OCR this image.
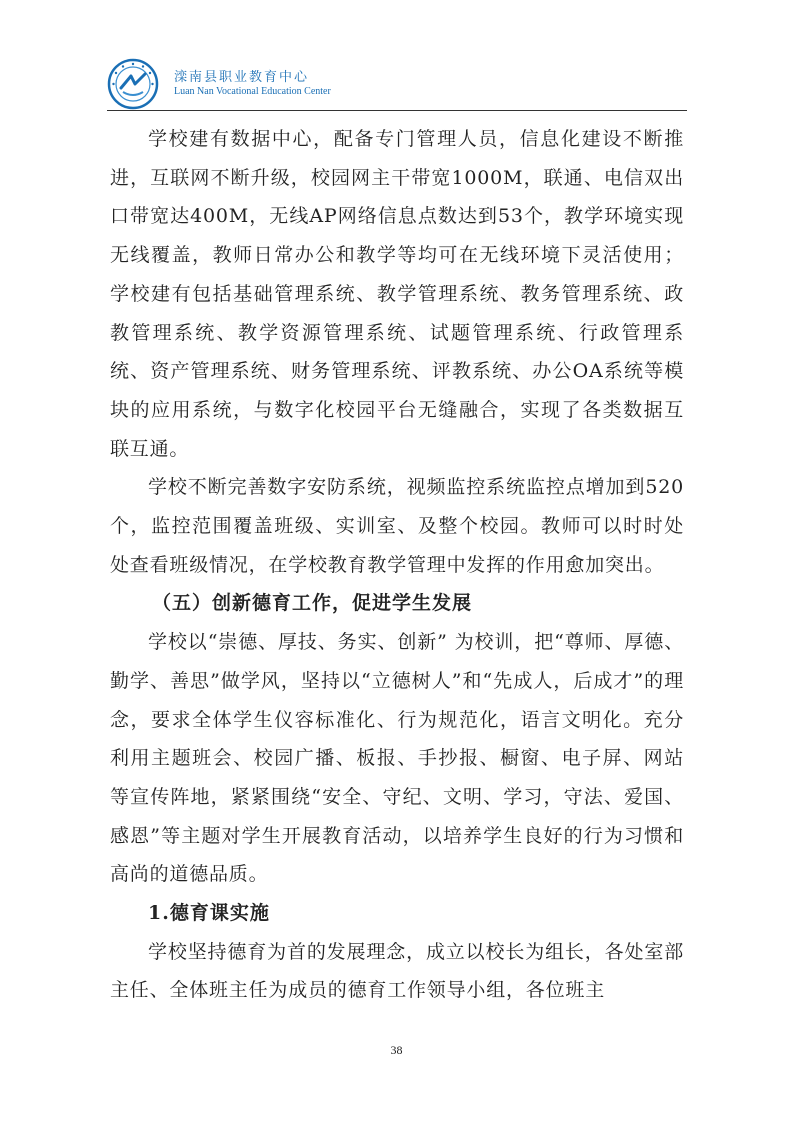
滦南县职业教育中心
Luan Nan Vocational Education Center

学校建有数据中心，配备专门管理人员，信息化建设不断推进，互联网不断升级，校园网主干带宽1000M，联通、电信双出口带宽达400M，无线AP网络信息点数达到53个，教学环境实现无线覆盖，教师日常办公和教学等均可在无线环境下灵活使用；学校建有包括基础管理系统、教学管理系统、教务管理系统、政教管理系统、教学资源管理系统、试题管理系统、行政管理系统、资产管理系统、财务管理系统、评教系统、办公OA系统等模块的应用系统，与数字化校园平台无缝融合，实现了各类数据互联互通。

学校不断完善数字安防系统，视频监控系统监控点增加到520个，监控范围覆盖班级、实训室、及整个校园。教师可以时时处处查看班级情况，在学校教育教学管理中发挥的作用愈加突出。

（五）创新德育工作，促进学生发展

学校以“崇德、厚技、务实、创新” 为校训，把“尊师、厚德、勤学、善思”做学风，坚持以“立德树人”和“先成人，后成才”的理念，要求全体学生仪容标准化、行为规范化，语言文明化。充分利用主题班会、校园广播、板报、手抄报、橱窗、电子屏、网站等宣传阵地，紧紧围绕“安全、守纪、文明、学习，守法、爱国、感恩”等主题对学生开展教育活动，以培养学生良好的行为习惯和高尚的道德品质。

1.德育课实施

学校坚持德育为首的发展理念，成立以校长为组长，各处室部主任、全体班主任为成员的德育工作领导小组，各位班主

38
